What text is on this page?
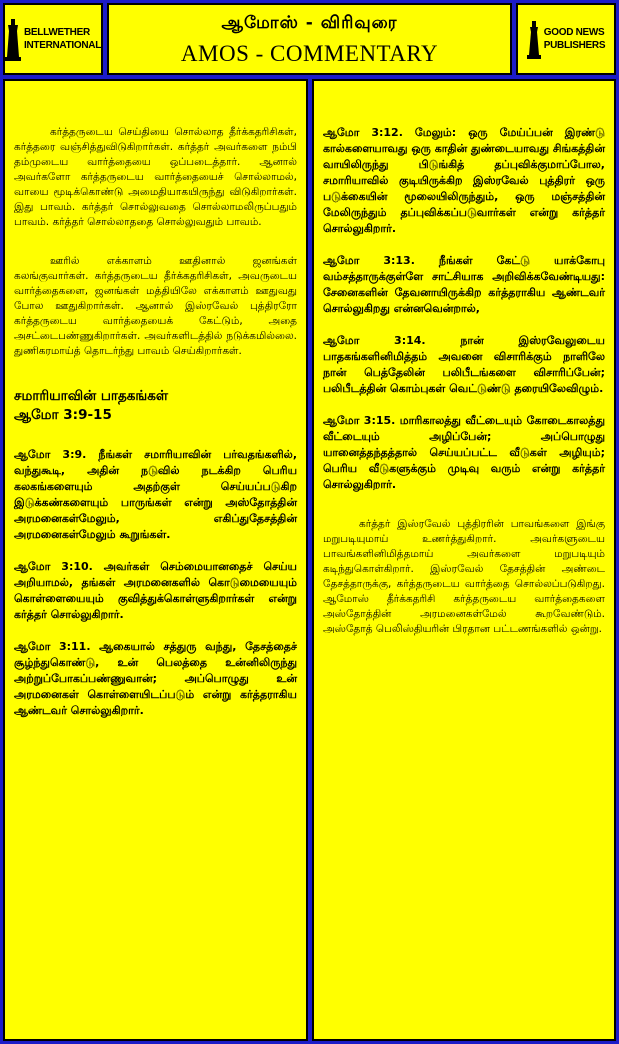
BELLWETHER
INTERNATIONAL
ஆமோஸ் - விரிவுரை
AMOS - COMMENTARY
GOOD NEWS
PUBLISHERS

கர்த்தருடைய செய்தியை சொல்லாத தீர்க்கதரிசிகள், கர்த்தரை வஞ்சித்துவிடுகிறார்கள். கர்த்தர் அவர்களை நம்பி தம்முடைய வார்த்தையை ஒப்படைத்தார். ஆனால் அவர்களோ கர்த்தருடைய வார்த்தையைச் சொல்லாமல், வாயை மூடிக்கொண்டு அமைதியாகயிருந்து விடுகிறார்கள். இது பாவம். கர்த்தர் சொல்லுவதை சொல்லாமலிருப்பதும் பாவம். கர்த்தர் சொல்லாததை சொல்லுவதும் பாவம்.

ஊரில் எக்காளம் ஊதினால் ஜனங்கள் கலங்குவார்கள். கர்த்தருடைய தீர்க்கதரிசிகள், அவருடைய வார்த்தைகளை, ஜனங்கள் மத்தியிலே எக்காளம் ஊதுவது போல ஊதுகிறார்கள். ஆனால் இஸ்ரவேல் புத்திரரோ கர்த்தருடைய வார்த்தையைக் கேட்டும், அதை அசட்டைபண்ணுகிறார்கள். அவர்களிடத்தில் நடுக்கமில்லை. துணிகரமாய்த் தொடர்ந்து பாவம் செய்கிறார்கள்.

சமாரியாவின் பாதகங்கள்

ஆமோ 3:9-15

ஆமோ 3:9. நீங்கள் சமாரியாவின் பர்வதங்களில், வந்துகூடி, அதின் நடுவில் நடக்கிற பெரிய கலகங்களையும் அதற்குள் செய்யப்படுகிற இடுக்கண்களையும் பாருங்கள் என்று அஸ்தோத்தின் அரமனைகள்மேலும், எகிப்துதேசத்தின் அரமனைகள்மேலும் கூறுங்கள்.

ஆமோ 3:10. அவர்கள் செம்மையானதைச் செய்ய அறியாமல், தங்கள் அரமனைகளில் கொடுமையையும் கொள்ளையையும் குவித்துக்கொள்ளுகிறார்கள் என்று கர்த்தர் சொல்லுகிறார்.

ஆமோ 3:11. ஆகையால் சத்துரு வந்து, தேசத்தைச் சூழ்ந்துகொண்டு, உன் பெலத்தை உன்னிலிருந்து அற்றுப்போகப்பண்ணுவான்; அப்பொழுது உன் அரமனைகள் கொள்ளையிடப்படும் என்று கர்த்தராகிய ஆண்டவர் சொல்லுகிறார்.

ஆமோ 3:12. மேலும்: ஒரு மேய்ப்பன் இரண்டு கால்களையாவது ஒரு காதின் துண்டையாவது சிங்கத்தின் வாயிலிருந்து பிடுங்கித் தப்புவிக்குமாப்போல, சமாரியாவில் குடியிருக்கிற இஸ்ரவேல் புத்திரர் ஒரு படுக்கையின் மூலையிலிருந்தும், ஒரு மஞ்சத்தின் மேலிருந்தும் தப்புவிக்கப்படுவார்கள் என்று கர்த்தர் சொல்லுகிறார்.

ஆமோ 3:13. நீங்கள் கேட்டு யாக்கோபு வம்சத்தாருக்குள்ளே சாட்சியாக அறிவிக்கவேண்டியது: சேனைகளின் தேவனாயிருக்கிற கர்த்தராகிய ஆண்டவர் சொல்லுகிறது என்னவென்றால்,

ஆமோ 3:14. நான் இஸ்ரவேலுடைய பாதகங்களினிமித்தம் அவனை விசாரிக்கும் நாளிலே நான் பெத்தேலின் பலிபீடங்களை விசாரிப்பேன்; பலிபீடத்தின் கொம்புகள் வெட்டுண்டு தரையிலேவிழும்.

ஆமோ 3:15. மாரிகாலத்து வீட்டையும் கோடைகாலத்து வீட்டையும் அழிப்பேன்; அப்பொழுது யானைத்தந்தத்தால் செய்யப்பட்ட வீடுகள் அழியும்; பெரிய வீடுகளுக்கும் முடிவு வரும் என்று கர்த்தர் சொல்லுகிறார்.

கர்த்தர் இஸ்ரவேல் புத்திரரின் பாவங்களை இங்கு மறுபடியுமாய் உணர்த்துகிறார். அவர்களுடைய பாவங்களினிமித்தமாய் அவர்களை மறுபடியும் கடிந்துகொள்கிறார். இஸ்ரவேல் தேசத்தின் அண்டை தேசத்தாருக்கு, கர்த்தருடைய வார்த்தை சொல்லப்படுகிறது. ஆமோஸ் தீர்க்கதரிசி கர்த்தருடைய வார்த்தைகளை அஸ்தோத்தின் அரமனைகள்மேல் கூறவேண்டும். அஸ்தோத் பெலிஸ்தியரின் பிரதான பட்டணங்களில் ஒன்று.
